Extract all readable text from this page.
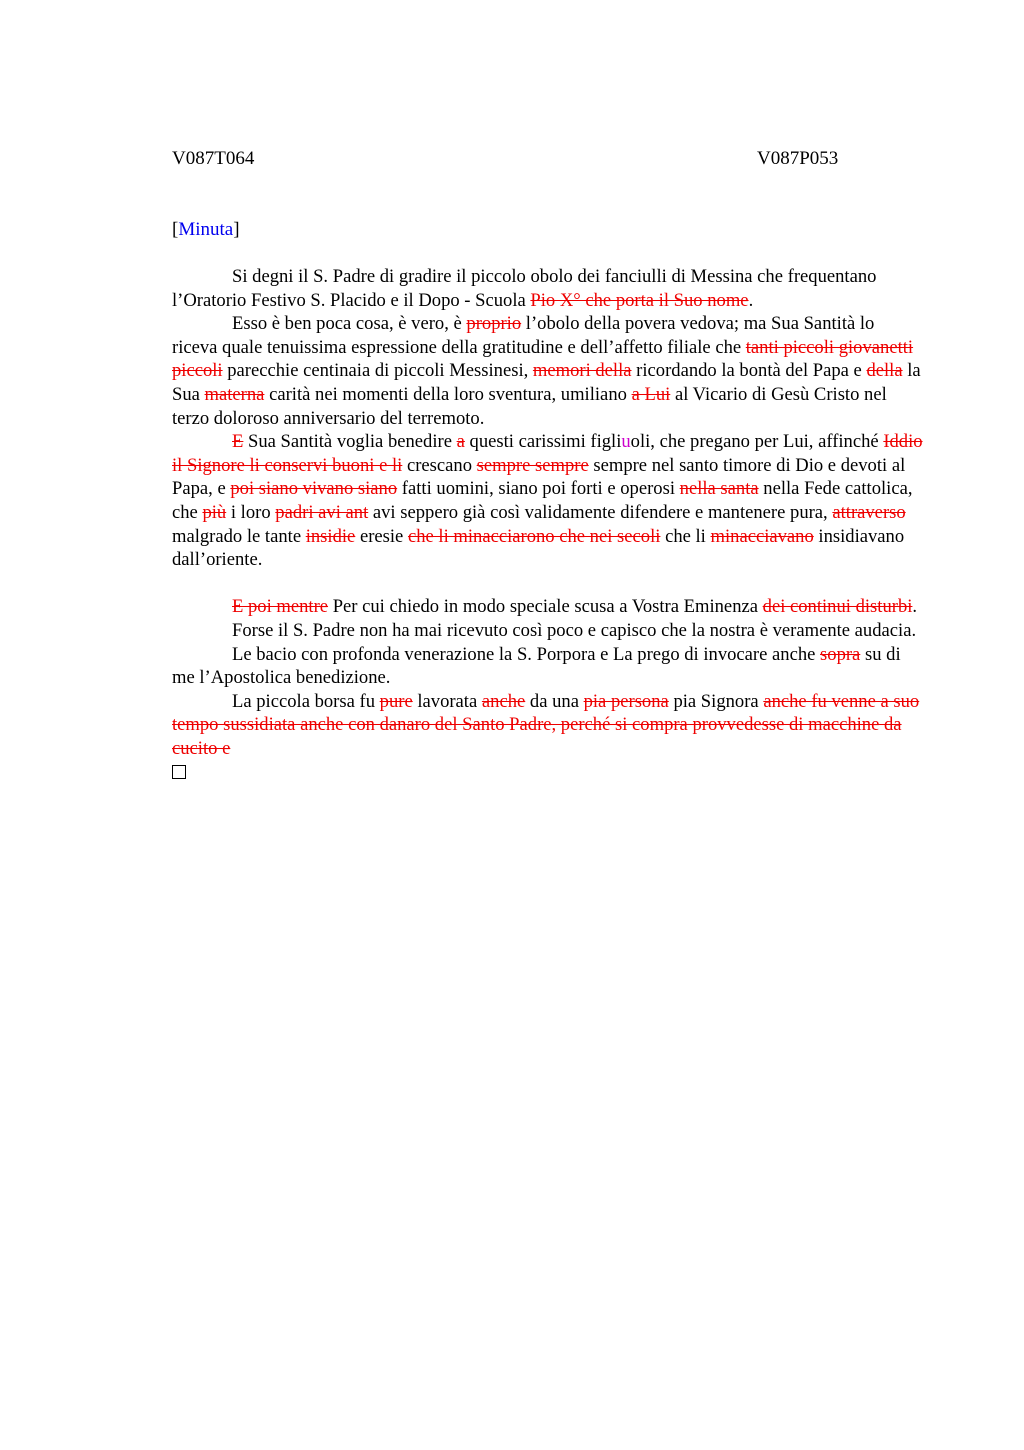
V087T064	V087P053
[Minuta]

Si degni il S. Padre di gradire il piccolo obolo dei fanciulli di Messina che frequentano l’Oratorio Festivo S. Placido e il Dopo - Scuola Pio X° che porta il Suo nome.

Esso è ben poca cosa, è vero, è proprio l’obolo della povera vedova; ma Sua Santità lo riceva quale tenuissima espressione della gratitudine e dell’affetto filiale che tanti piccoli giovanetti piccoli parecchie centinaia di piccoli Messinesi, memori della ricordando la bontà del Papa e della la Sua materna carità nei momenti della loro sventura, umiliano a Lui al Vicario di Gesù Cristo nel terzo doloroso anniversario del terremoto.

E Sua Santità voglia benedire a questi carissimi figliuoli, che pregano per Lui, affinché Iddio il Signore li conservi buoni e li crescano sempre sempre sempre nel santo timore di Dio e devoti al Papa, e poi siano vivano siano fatti uomini, siano poi forti e operosi nella santa nella Fede cattolica, che più i loro padri avi ant avi seppero già così validamente difendere e mantenere pura, attraverso malgrado le tante insidie eresie che li minacciarono che nei secoli che li minacciavano insidiavano dall’oriente.

E poi mentre Per cui chiedo in modo speciale scusa a Vostra Eminenza dei continui disturbi.

Forse il S. Padre non ha mai ricevuto così poco e capisco che la nostra è veramente audacia.

Le bacio con profonda venerazione la S. Porpora e La prego di invocare anche sopra su di me l’Apostolica benedizione.

La piccola borsa fu pure lavorata anche da una pia persona pia Signora anche fu venne a suo tempo sussidiata anche con danaro del Santo Padre, perché si compra provvedesse di macchine da cucito e
